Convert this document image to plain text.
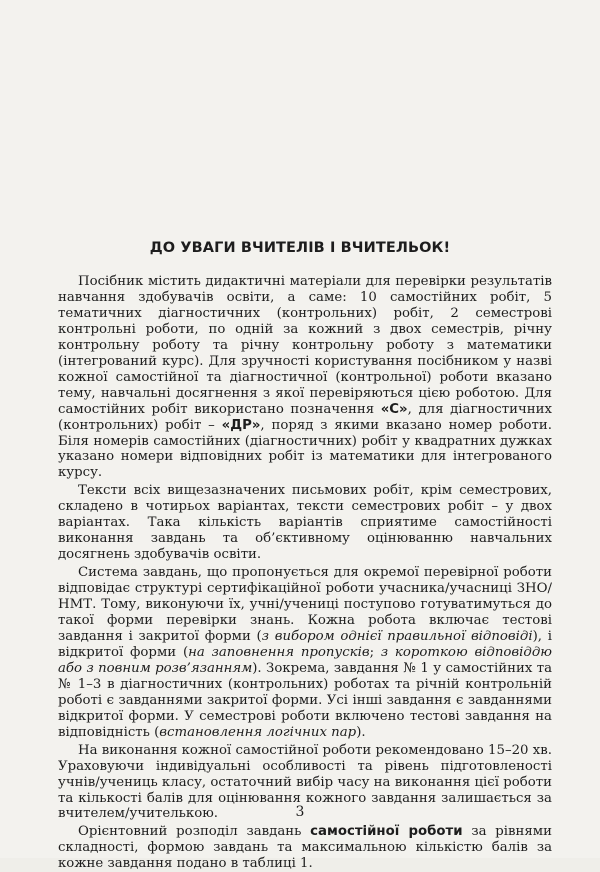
ДО УВАГИ ВЧИТЕЛІВ І ВЧИТЕЛЬОК!

Посібник містить дидактичні матеріали для перевірки результатів навчання здобувачів освіти, а саме: 10 самостійних робіт, 5 тематичних діагностичних (контрольних) робіт, 2 семестрові контрольні роботи, по одній за кожний з двох семестрів, річну контрольну роботу та річну контрольну роботу з математики (інтегрований курс). Для зручності користування посібником у назві кожної самостійної та діагностичної (контрольної) роботи вказано тему, навчальні досягнення з якої перевіряються цією роботою. Для самостійних робіт використано позначення «С», для діагностичних (контрольних) робіт – «ДР», поряд з якими вказано номер роботи. Біля номерів самостійних (діагностичних) робіт у квадратних дужках указано номери відповідних робіт із математики для інтегрованого курсу.

Тексти всіх вищезазначених письмових робіт, крім семестрових, складено в чотирьох варіантах, тексти семестрових робіт – у двох варіантах. Така кількість варіантів сприятиме самостійності виконання завдань та об’єктивному оцінюванню навчальних досягнень здобувачів освіти.

Система завдань, що пропонується для окремої перевірної роботи відповідає структурі сертифікаційної роботи учасника/учасниці ЗНО/НМТ. Тому, виконуючи їх, учні/учениці поступово готуватимуться до такої форми перевірки знань. Кожна робота включає тестові завдання і закритої форми (з вибором однієї правильної відповіді), і відкритої форми (на заповнення пропусків; з короткою відповіддю або з повним розв’язанням). Зокрема, завдання № 1 у самостійних та № 1–3 в діагностичних (контрольних) роботах та річній контрольній роботі є завданнями закритої форми. Усі інші завдання є завданнями відкритої форми. У семестрові роботи включено тестові завдання на відповідність (встановлення логічних пар).

На виконання кожної самостійної роботи рекомендовано 15–20 хв. Ураховуючи індивідуальні особливості та рівень підготовленості учнів/учениць класу, остаточний вибір часу на виконання цієї роботи та кількості балів для оцінювання кожного завдання залишається за вчителем/учителькою.

Орієнтовний розподіл завдань самостійної роботи за рівнями складності, формою завдань та максимальною кількістю балів за кожне завдання подано в таблиці 1.

3
